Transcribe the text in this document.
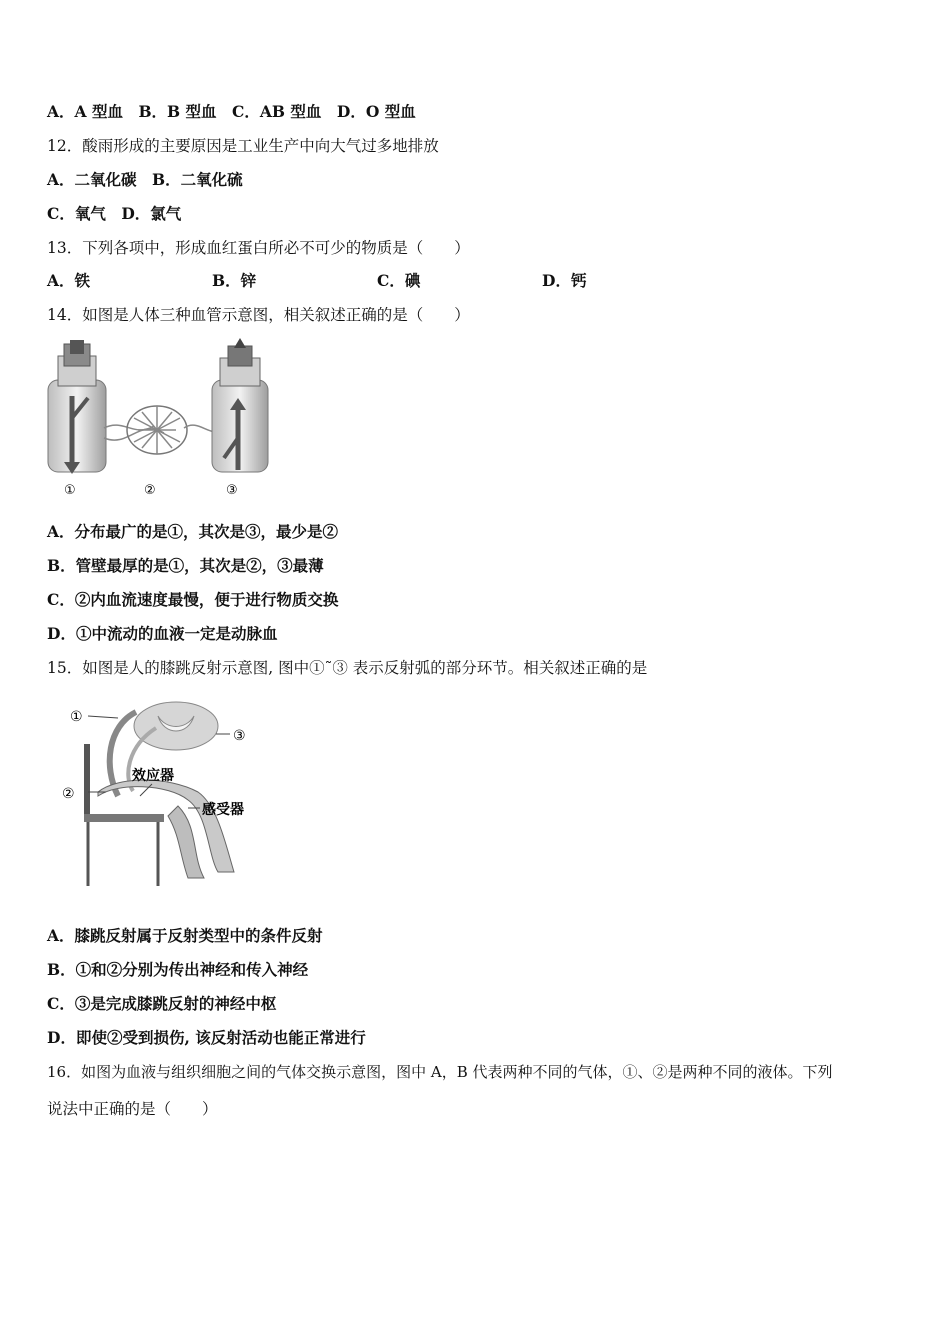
A．A 型血　B．B 型血　C．AB 型血　D．O 型血
12．酸雨形成的主要原因是工业生产中向大气过多地排放
A．二氧化碳　B．二氧化硫
C．氧气　D．氯气
13．下列各项中，形成血红蛋白所必不可少的物质是（　　）
A．铁	B．锌	C．碘	D．钙
14．如图是人体三种血管示意图，相关叙述正确的是（　　）
①	②	③
A．分布最广的是①，其次是③，最少是②
B．管壁最厚的是①，其次是②，③最薄
C．②内血流速度最慢，便于进行物质交换
D．①中流动的血液一定是动脉血
15．如图是人的膝跳反射示意图, 图中①˜③ 表示反射弧的部分环节。相关叙述正确的是
①
③
②
效应器
感受器
A．膝跳反射属于反射类型中的条件反射
B．①和②分别为传出神经和传入神经
C．③是完成膝跳反射的神经中枢
D．即使②受到损伤, 该反射活动也能正常进行
16．如图为血液与组织细胞之间的气体交换示意图，图中 A，B 代表两种不同的气体，①、②是两种不同的液体。下列
说法中正确的是（　　）
